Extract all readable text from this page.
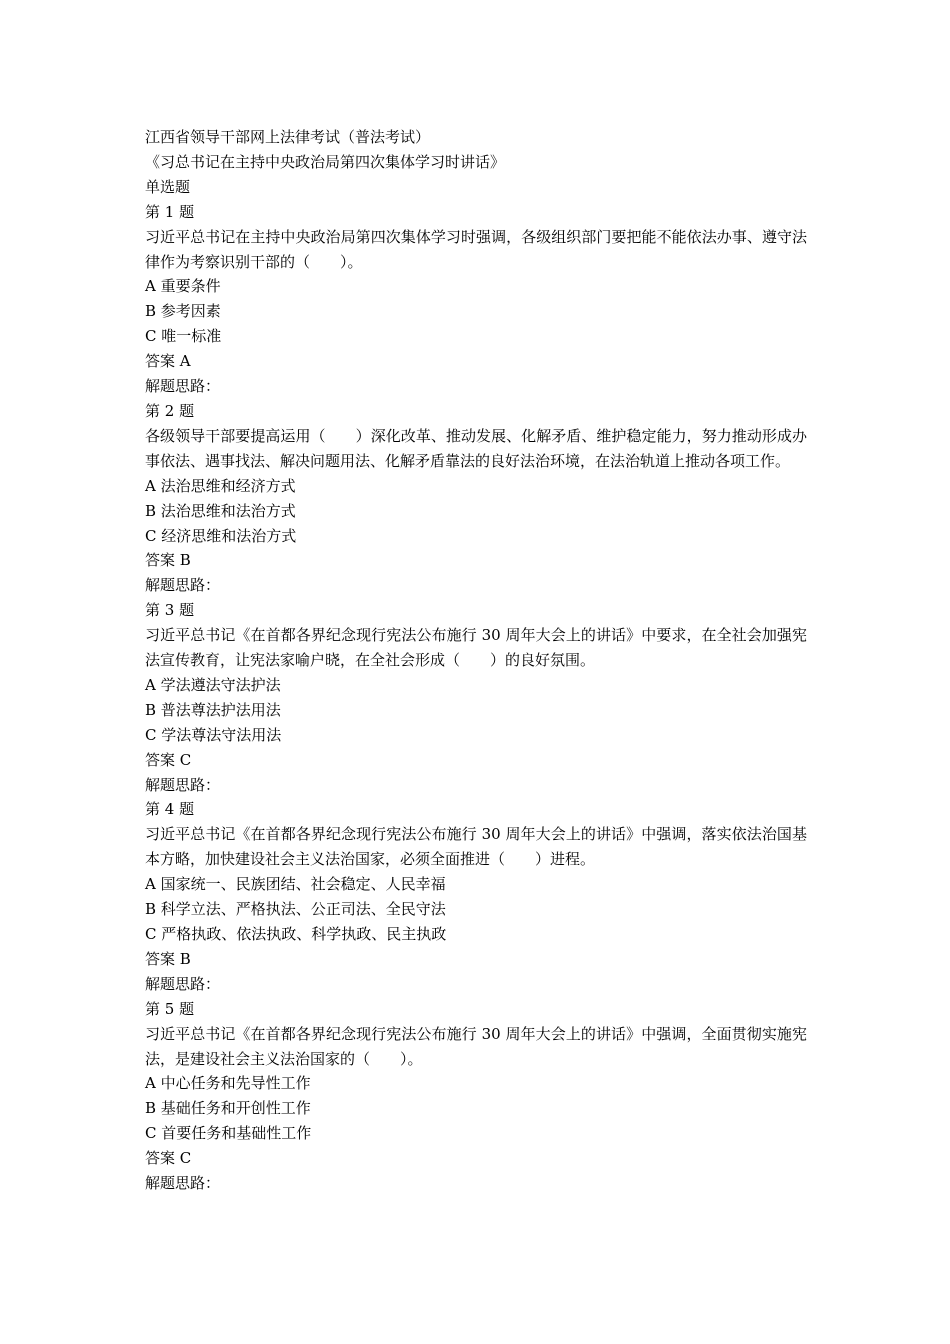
江西省领导干部网上法律考试（普法考试）
《习总书记在主持中央政治局第四次集体学习时讲话》
单选题
第 1 题
习近平总书记在主持中央政治局第四次集体学习时强调，各级组织部门要把能不能依法办事、遵守法律作为考察识别干部的（　　）。
A 重要条件
B 参考因素
C 唯一标准
答案 A
解题思路：
第 2 题
各级领导干部要提高运用（　　）深化改革、推动发展、化解矛盾、维护稳定能力，努力推动形成办事依法、遇事找法、解决问题用法、化解矛盾靠法的良好法治环境，在法治轨道上推动各项工作。
A 法治思维和经济方式
B 法治思维和法治方式
C 经济思维和法治方式
答案 B
解题思路：
第 3 题
习近平总书记《在首都各界纪念现行宪法公布施行 30 周年大会上的讲话》中要求，在全社会加强宪法宣传教育，让宪法家喻户晓，在全社会形成（　　）的良好氛围。
A 学法遵法守法护法
B 普法尊法护法用法
C 学法尊法守法用法
答案 C
解题思路：
第 4 题
习近平总书记《在首都各界纪念现行宪法公布施行 30 周年大会上的讲话》中强调，落实依法治国基本方略，加快建设社会主义法治国家，必须全面推进（　　）进程。
A 国家统一、民族团结、社会稳定、人民幸福
B 科学立法、严格执法、公正司法、全民守法
C 严格执政、依法执政、科学执政、民主执政
答案 B
解题思路：
第 5 题
习近平总书记《在首都各界纪念现行宪法公布施行 30 周年大会上的讲话》中强调，全面贯彻实施宪法，是建设社会主义法治国家的（　　）。
A 中心任务和先导性工作
B 基础任务和开创性工作
C 首要任务和基础性工作
答案 C
解题思路：
